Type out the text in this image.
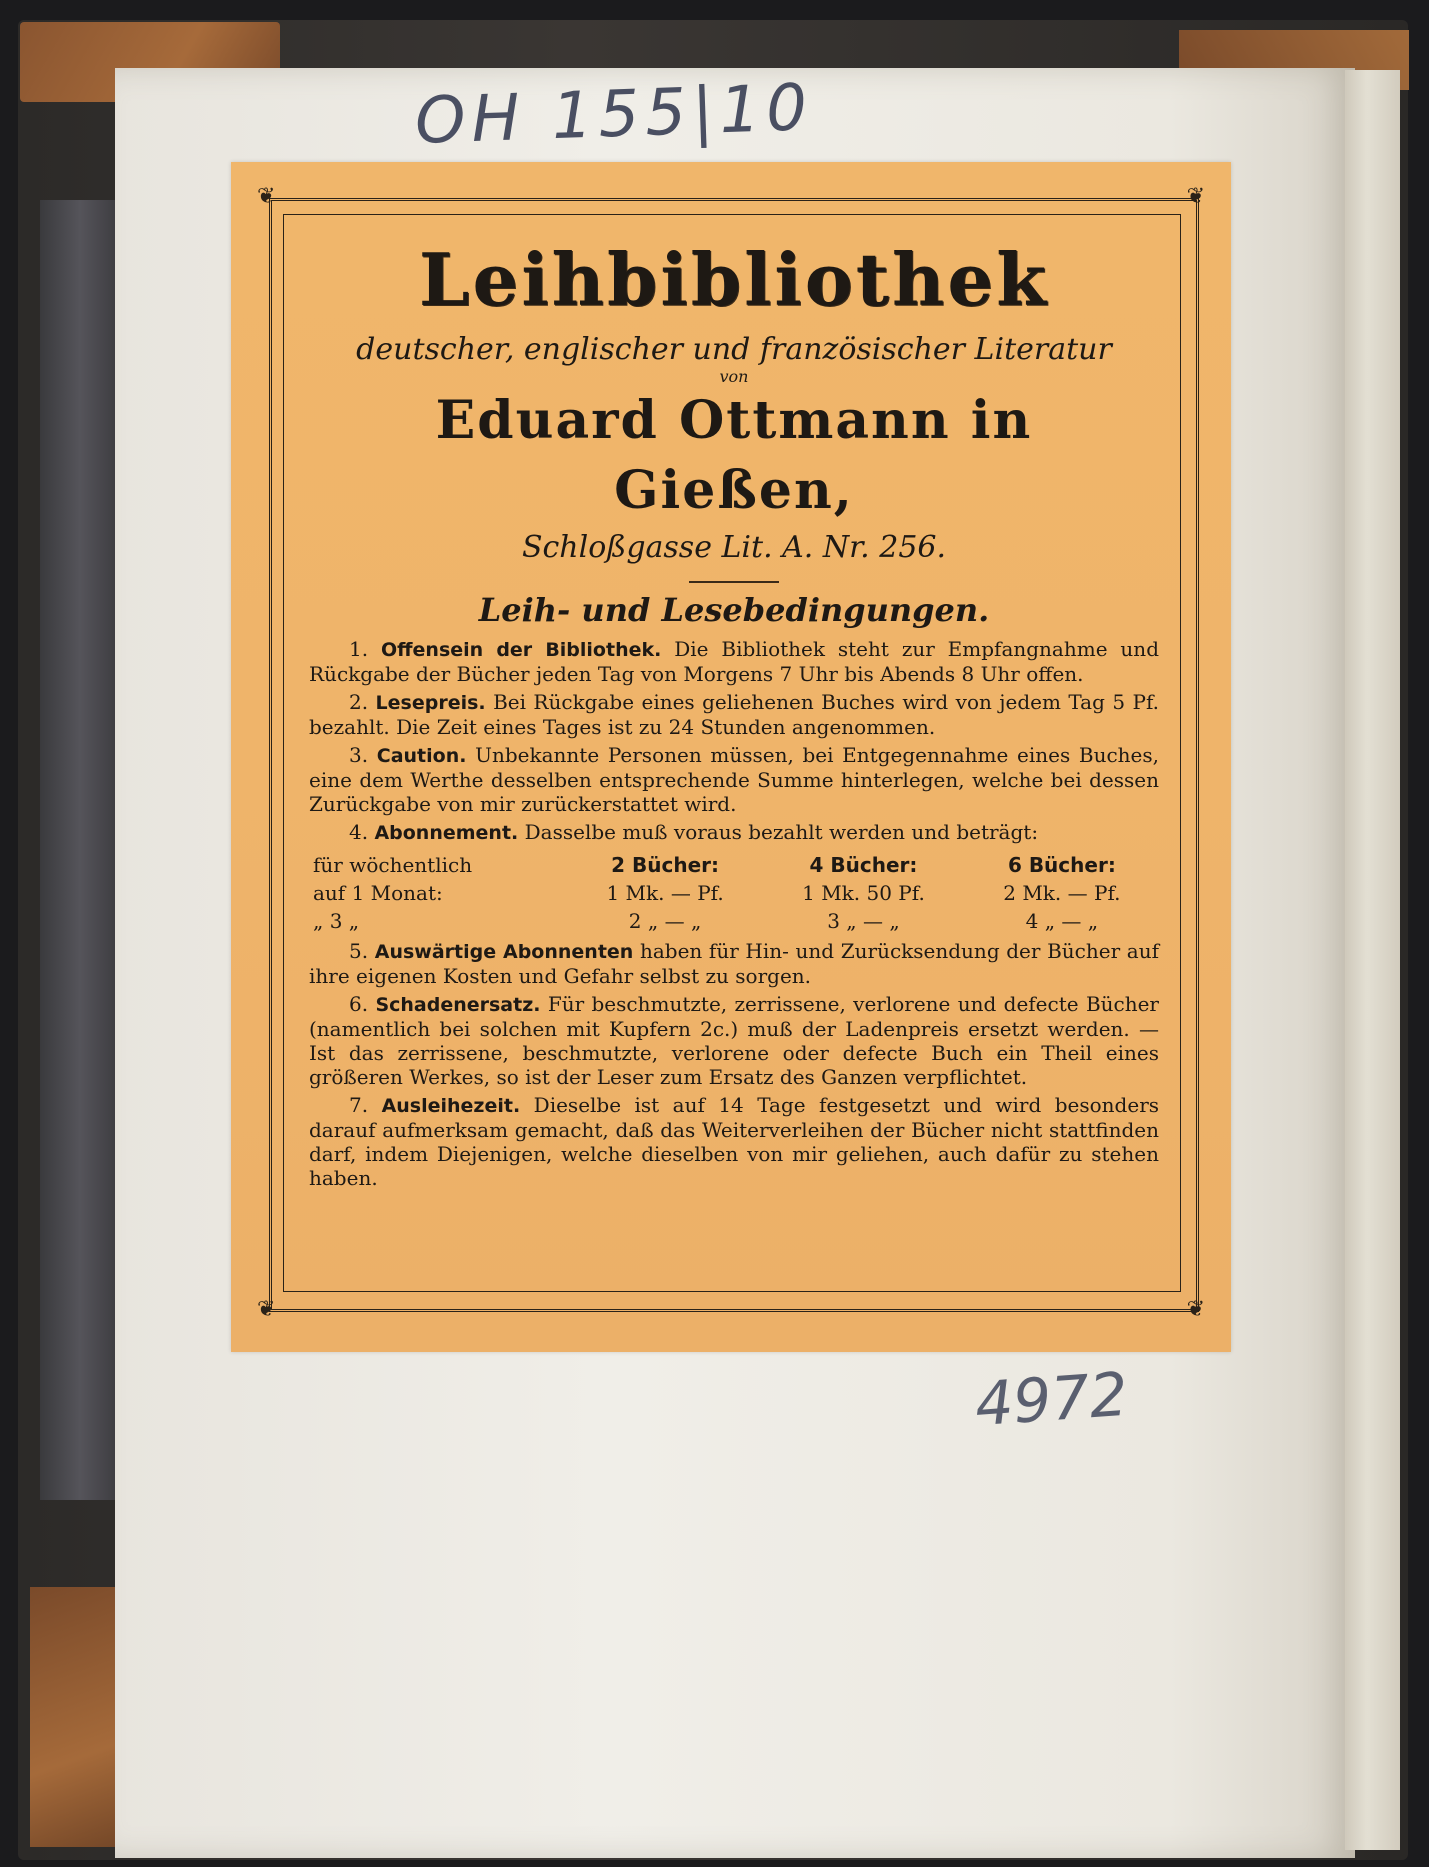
OH 155|10
4972
❦	❦
❦	❦
Leihbibliothek

deutscher, englischer und französischer Literatur

von

Eduard Ottmann in Gießen,

Schloßgasse Lit. A. Nr. 256.

Leih- und Lesebedingungen.

1. Offensein der Bibliothek. Die Bibliothek steht zur Empfangnahme und Rückgabe der Bücher jeden Tag von Morgens 7 Uhr bis Abends 8 Uhr offen.

2. Lesepreis. Bei Rückgabe eines geliehenen Buches wird von jedem Tag 5 Pf. bezahlt. Die Zeit eines Tages ist zu 24 Stunden angenommen.

3. Caution. Unbekannte Personen müssen, bei Entgegennahme eines Buches, eine dem Werthe desselben entsprechende Summe hinterlegen, welche bei dessen Zurückgabe von mir zurückerstattet wird.

4. Abonnement. Dasselbe muß voraus bezahlt werden und beträgt:

für wöchentlich	2 Bücher:	4 Bücher:	6 Bücher:
auf 1 Monat:	1 Mk. — Pf.	1 Mk. 50 Pf.	2 Mk. — Pf.
„ 3 „	2 „ — „	3 „ — „	4 „ — „

5. Auswärtige Abonnenten haben für Hin- und Zurücksendung der Bücher auf ihre eigenen Kosten und Gefahr selbst zu sorgen.

6. Schadenersatz. Für beschmutzte, zerrissene, verlorene und defecte Bücher (namentlich bei solchen mit Kupfern 2c.) muß der Ladenpreis ersetzt werden. — Ist das zerrissene, beschmutzte, verlorene oder defecte Buch ein Theil eines größeren Werkes, so ist der Leser zum Ersatz des Ganzen verpflichtet.

7. Ausleihezeit. Dieselbe ist auf 14 Tage festgesetzt und wird besonders darauf aufmerksam gemacht, daß das Weiterverleihen der Bücher nicht stattfinden darf, indem Diejenigen, welche dieselben von mir geliehen, auch dafür zu stehen haben.
